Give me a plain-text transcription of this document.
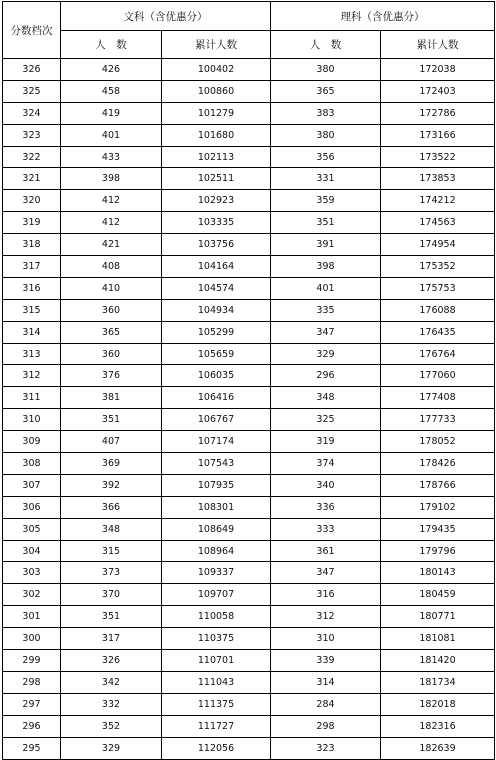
分数档次	文科（含优惠分）		理科（含优惠分）	
	人　数	累计人数	人　数	累计人数
326	426	100402	380	172038
325	458	100860	365	172403
324	419	101279	383	172786
323	401	101680	380	173166
322	433	102113	356	173522
321	398	102511	331	173853
320	412	102923	359	174212
319	412	103335	351	174563
318	421	103756	391	174954
317	408	104164	398	175352
316	410	104574	401	175753
315	360	104934	335	176088
314	365	105299	347	176435
313	360	105659	329	176764
312	376	106035	296	177060
311	381	106416	348	177408
310	351	106767	325	177733
309	407	107174	319	178052
308	369	107543	374	178426
307	392	107935	340	178766
306	366	108301	336	179102
305	348	108649	333	179435
304	315	108964	361	179796
303	373	109337	347	180143
302	370	109707	316	180459
301	351	110058	312	180771
300	317	110375	310	181081
299	326	110701	339	181420
298	342	111043	314	181734
297	332	111375	284	182018
296	352	111727	298	182316
295	329	112056	323	182639
